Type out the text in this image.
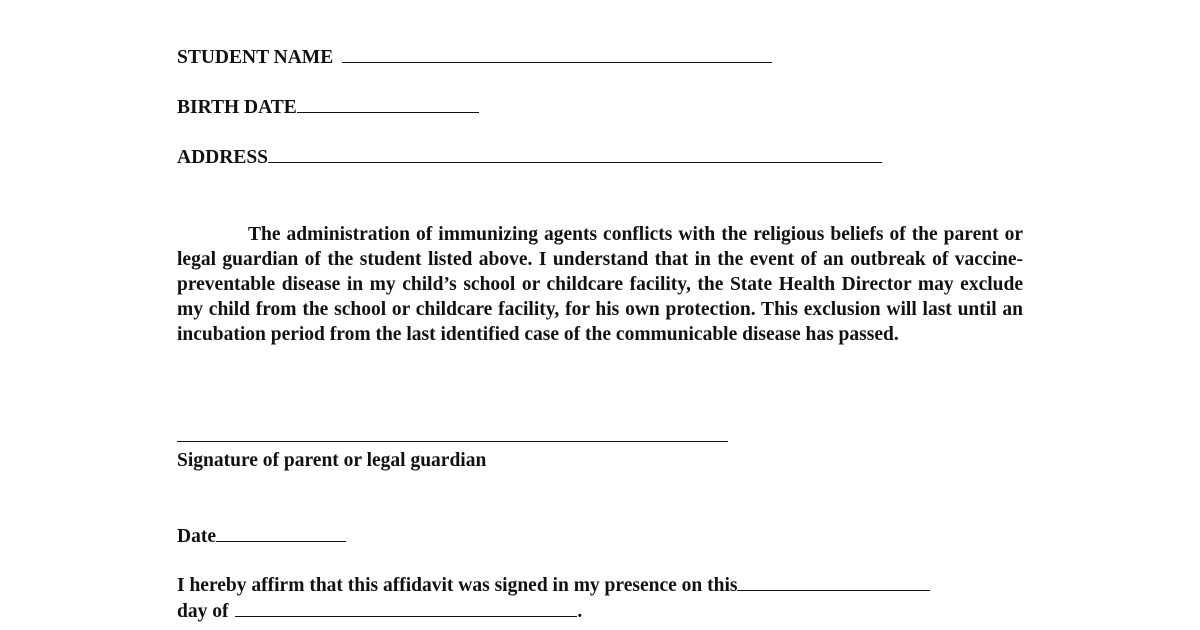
STUDENT NAME
BIRTH DATE
ADDRESS
The administration of immunizing agents conflicts with the religious beliefs of the parent or legal guardian of the student listed above. I understand that in the event of an outbreak of vaccine-preventable disease in my child’s school or childcare facility, the State Health Director may exclude my child from the school or childcare facility, for his own protection. This exclusion will last until an incubation period from the last identified case of the communicable disease has passed.
Signature of parent or legal guardian
Date
I hereby affirm that this affidavit was signed in my presence on this
day of	.
